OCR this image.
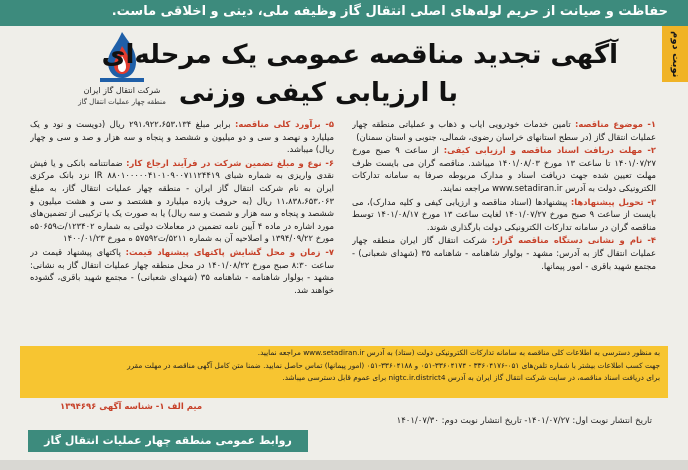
حفاظت و صیانت از حریم لوله‌های اصلی انتقال گاز وظیفه ملی، دینی و اخلاقی ماست.
نوبت دوم
شرکت انتقال گاز ایران
منطقه چهار عملیات انتقال گاز
آگهی تجدید مناقصه عمومی یک مرحله‌ای
با ارزیابی کیفی وزنی
۱- موضوع مناقصه: تامین خدمات خودرویی ایاب و ذهاب و عملیاتی منطقه چهار عملیات انتقال گاز (در سطح استانهای خراسان رضوی، شمالی، جنوبی و استان سمنان)
۲- مهلت دریافت اسناد مناقصه و ارزیابی کیفی: از ساعت ۹ صبح مورخ ۱۴۰۱/۰۷/۲۷ تا ساعت ۱۳ مورخ ۱۴۰۱/۰۸/۰۳ میباشد. مناقصه گران می بایست ظرف مهلت تعیین شده جهت دریافت اسناد و مدارک مربوطه صرفا به سامانه تدارکات الکترونیکی دولت به آدرس www.setadiran.ir مراجعه نمایند.
۳- تحویل پیشنهادها: پیشنهادها (اسناد مناقصه و ارزیابی کیفی و کلیه مدارک)، می بایست از ساعت ۹ صبح مورخ ۱۴۰۱/۰۷/۲۷ لغایت ساعت ۱۳ مورخ ۱۴۰۱/۰۸/۱۷ توسط مناقصه گران در سامانه تدارکات الکترونیکی دولت بارگذاری شوند.
۴- نام و نشانی دستگاه مناقصه گزار: شرکت انتقال گاز ایران منطقه چهار عملیات انتقال گاز به آدرس: مشهد - بولوار شاهنامه - شاهنامه ۳۵ (شهدای شعبانی) - مجتمع شهید باقری - امور پیمانها.
۵- برآورد کلی مناقصه: برابر مبلغ ۲۹۱،۹۲۲،۶۵۳،۱۳۴ ریال (دویست و نود و یک میلیارد و نهصد و سی و دو میلیون و ششصد و پنجاه و سه هزار و صد و سی و چهار ریال) میباشد.
۶- نوع و مبلغ تضمین شرکت در فرآیند ارجاع کار: ضمانتنامه بانکی و یا فیش نقدی واریزی به شماره شبای IR ۸۸۰۱۰۰۰۰۰۴۱۰۱۰۹۰۰۷۱۱۲۴۴۱۹ نزد بانک مرکزی ایران به نام شرکت انتقال گاز ایران - منطقه چهار عملیات انتقال گاز، به مبلغ ۱۱،۸۳۸،۶۵۳،۰۶۳ ریال (به حروف یازده میلیارد و هشتصد و سی و هشت میلیون و ششصد و پنجاه و سه هزار و شصت و سه ریال) یا به صورت یک یا ترکیبی از تضمین‌های مورد اشاره در ماده ۴ آیین نامه تضمین در معاملات دولتی به شماره ۱۲۳۴۰۲/ت۵۰۶۵۹ه مورخ ۱۳۹۴/۰۹/۲۲ و اصلاحیه آن به شماره ۵۲۱۱/ت۵۷۵۹۲ ه مورخ ۱۴۰۰/۰۱/۲۳
۷- زمان و محل گشایش پاکتهای پیشنهاد قیمت: پاکتهای پیشنهاد قیمت در ساعت ۸:۳۰ صبح مورخ ۱۴۰۱/۰۸/۲۲ در محل منطقه چهار عملیات انتقال گاز به نشانی: مشهد - بولوار شاهنامه - شاهنامه ۳۵ (شهدای شعبانی) - مجتمع شهید باقری، گشوده خواهند شد.

به منظور دسترسی به اطلاعات کلی مناقصه به سامانه تدارکات الکترونیکی دولت (ستاد) به آدرس www.setadiran.ir مراجعه نمایید.

جهت کسب اطلاعات بیشتر با شماره تلفن‌های ۰۵۱-۳۳۶۰۴۱۷۶ - ۳۳۶۰۴۱۷۴-۰۵۱ و ۳۳۶۰۴۱۸۸-۰۵۱ (امور پیمانها) تماس حاصل نمایید. ضمنا متن کامل آگهی مناقصه در مهلت مقرر

برای دریافت اسناد مناقصه، در سایت شرکت انتقال گاز ایران به آدرس nigtc.ir.district4 برای عموم قابل دسترسی میباشد.

تاریخ انتشار نوبت اول: ۱۴۰۱/۰۷/۲۷- تاریخ انتشار نوبت دوم: ۱۴۰۱/۰۷/۳۰
میم الف ۱- شناسه آگهی ۱۳۹۴۶۹۶
روابط عمومی منطقه چهار عملیات انتقال گاز
